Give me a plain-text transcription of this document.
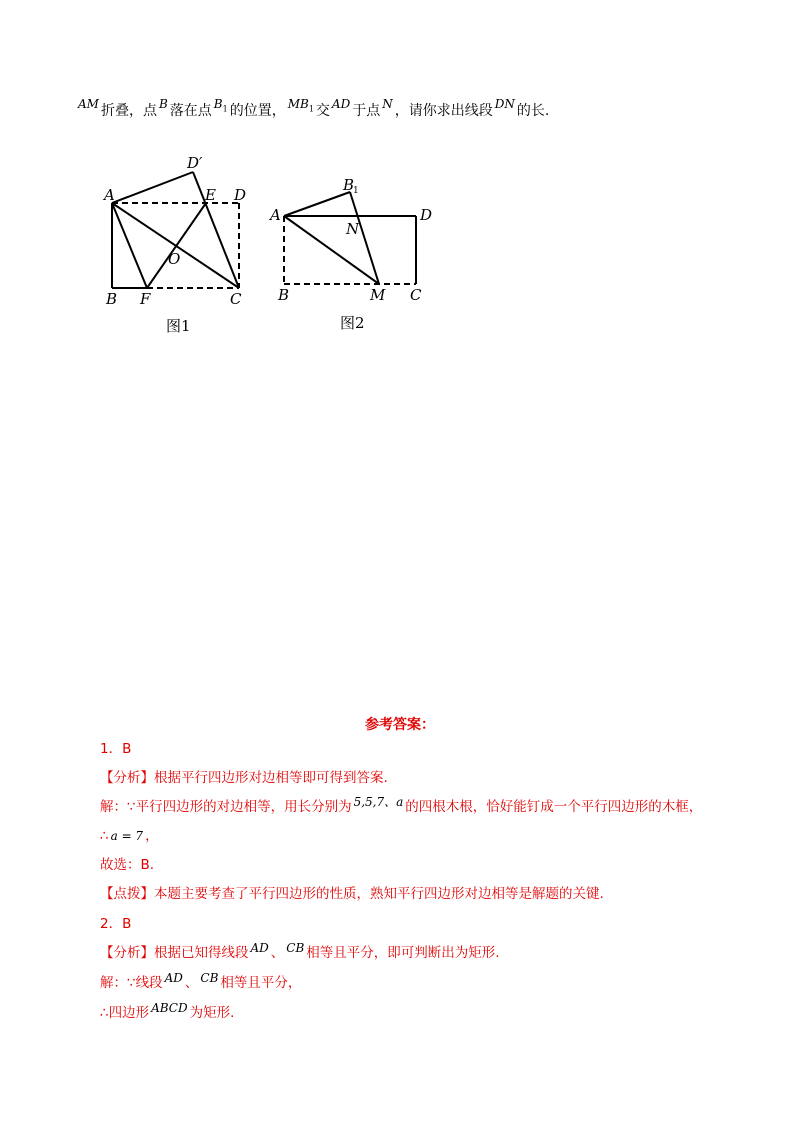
AM 折叠，点 B 落在点 $B_1$ 的位置， $MB_1$ 交 AD 于点 N ，请你求出线段 DN 的长.
A
B	C
D
D′
E
F
O
图1
A
B	C
D
B
1
N
M
图2
参考答案：
1．B
【分析】根据平行四边形对边相等即可得到答案.
解：∵平行四边形的对边相等，用长分别为 5,5,7、a 的四根木根，恰好能钉成一个平行四边形的木框，
∴ a = 7 ，
故选：B.
【点拨】本题主要考查了平行四边形的性质，熟知平行四边形对边相等是解题的关键.
2．B
【分析】根据已知得线段 AD 、 CB 相等且平分，即可判断出为矩形.
解：∵线段 AD 、 CB 相等且平分，
∴四边形 ABCD 为矩形.
